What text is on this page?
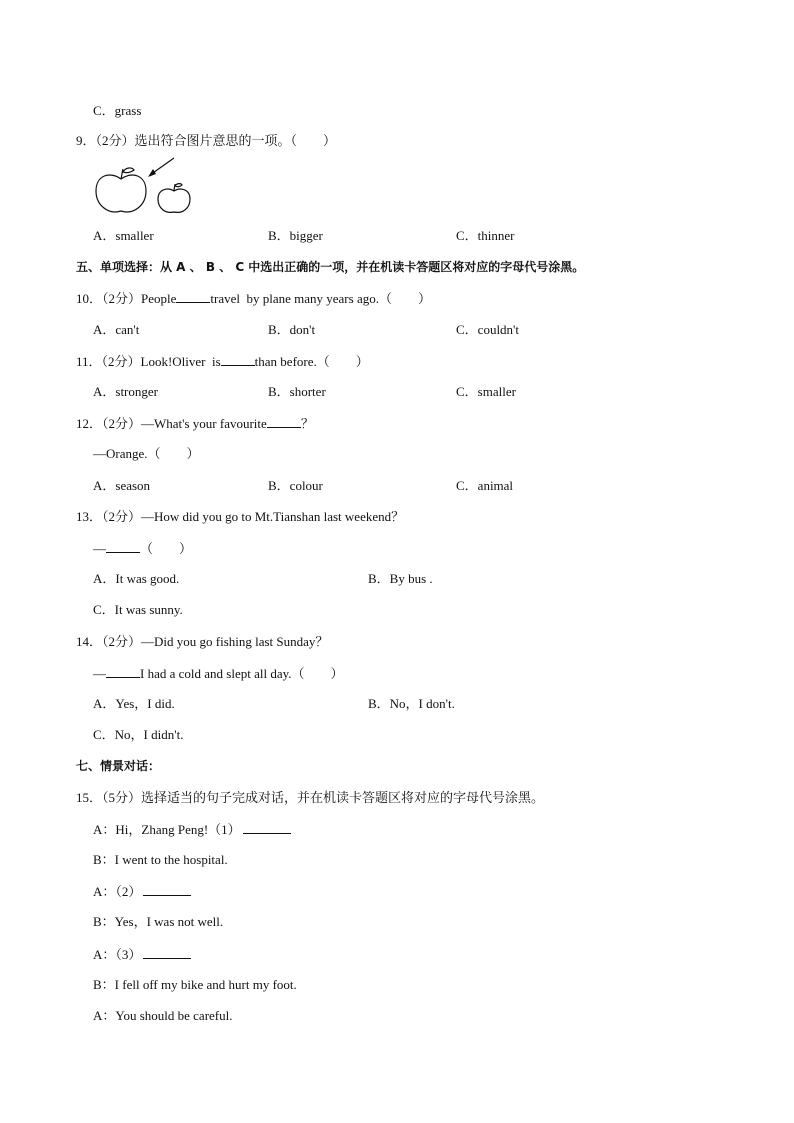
C．grass
9．（2分）选出符合图片意思的一项。（　　）
A．smaller	B．bigger	C．thinner
五、单项选择：从 A 、 B 、 C 中选出正确的一项，并在机读卡答题区将对应的字母代号涂黑。
10．（2分）People	travel  by plane many years ago.（　　）
A．can't	B．don't	C．couldn't
11．（2分）Look!Oliver  is	than before.（　　）
A．stronger	B．shorter	C．smaller
12．（2分）—What's your favourite	？
—Orange.（　　）
A．season	B．colour	C．animal
13．（2分）—How did you go to Mt.Tianshan last weekend？
—	（　　）
A．It was good.	B．By bus .
C．It was sunny.
14．（2分）—Did you go fishing last Sunday？
—	I had a cold and slept all day.（　　）
A．Yes，I did.	B．No，I don't.
C．No，I didn't.
七、情景对话：
15．（5分）选择适当的句子完成对话，并在机读卡答题区将对应的字母代号涂黑。
A：Hi，Zhang Peng!（1）
B：I went to the hospital.
A：（2）
B：Yes，I was not well.
A：（3）
B：I fell off my bike and hurt my foot.
A：You should be careful.
